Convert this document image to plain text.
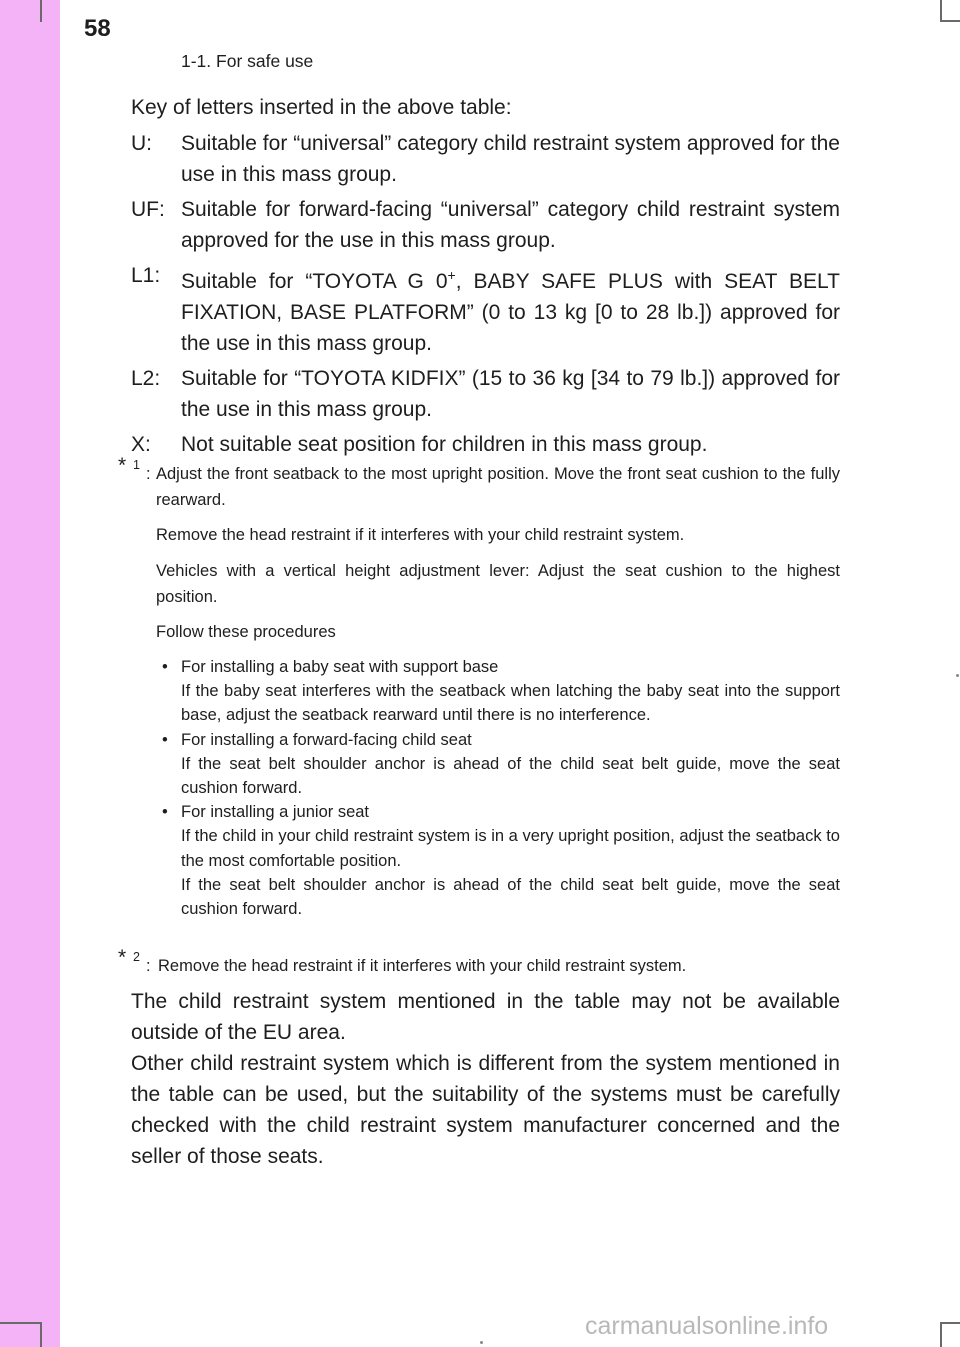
58
1-1. For safe use
Key of letters inserted in the above table:
U:	Suitable for “universal” category child restraint system approved for the use in this mass group.
UF: Suitable for forward-facing “universal” category child restraint system approved for the use in this mass group.
L1: Suitable for “TOYOTA G 0+, BABY SAFE PLUS with SEAT BELT FIXATION, BASE PLATFORM” (0 to 13 kg [0 to 28 lb.]) approved for the use in this mass group.
L2: Suitable for “TOYOTA KIDFIX” (15 to 36 kg [34 to 79 lb.]) approved for the use in this mass group.
X:	Not suitable seat position for children in this mass group.
* 1 : Adjust the front seatback to the most upright position. Move the front seat cushion to the fully rearward.
Remove the head restraint if it interferes with your child restraint system.
Vehicles with a vertical height adjustment lever: Adjust the seat cushion to the highest position.
Follow these procedures
• For installing a baby seat with support base
If the baby seat interferes with the seatback when latching the baby seat into the support base, adjust the seatback rearward until there is no interference.
• For installing a forward-facing child seat
If the seat belt shoulder anchor is ahead of the child seat belt guide, move the seat cushion forward.
• For installing a junior seat
If the child in your child restraint system is in a very upright position, adjust the seatback to the most comfortable position.
If the seat belt shoulder anchor is ahead of the child seat belt guide, move the seat cushion forward.
* 2 : Remove the head restraint if it interferes with your child restraint system.
The child restraint system mentioned in the table may not be available outside of the EU area.
Other child restraint system which is different from the system mentioned in the table can be used, but the suitability of the systems must be carefully checked with the child restraint system manufacturer concerned and the seller of those seats.
carmanualsonline.info
